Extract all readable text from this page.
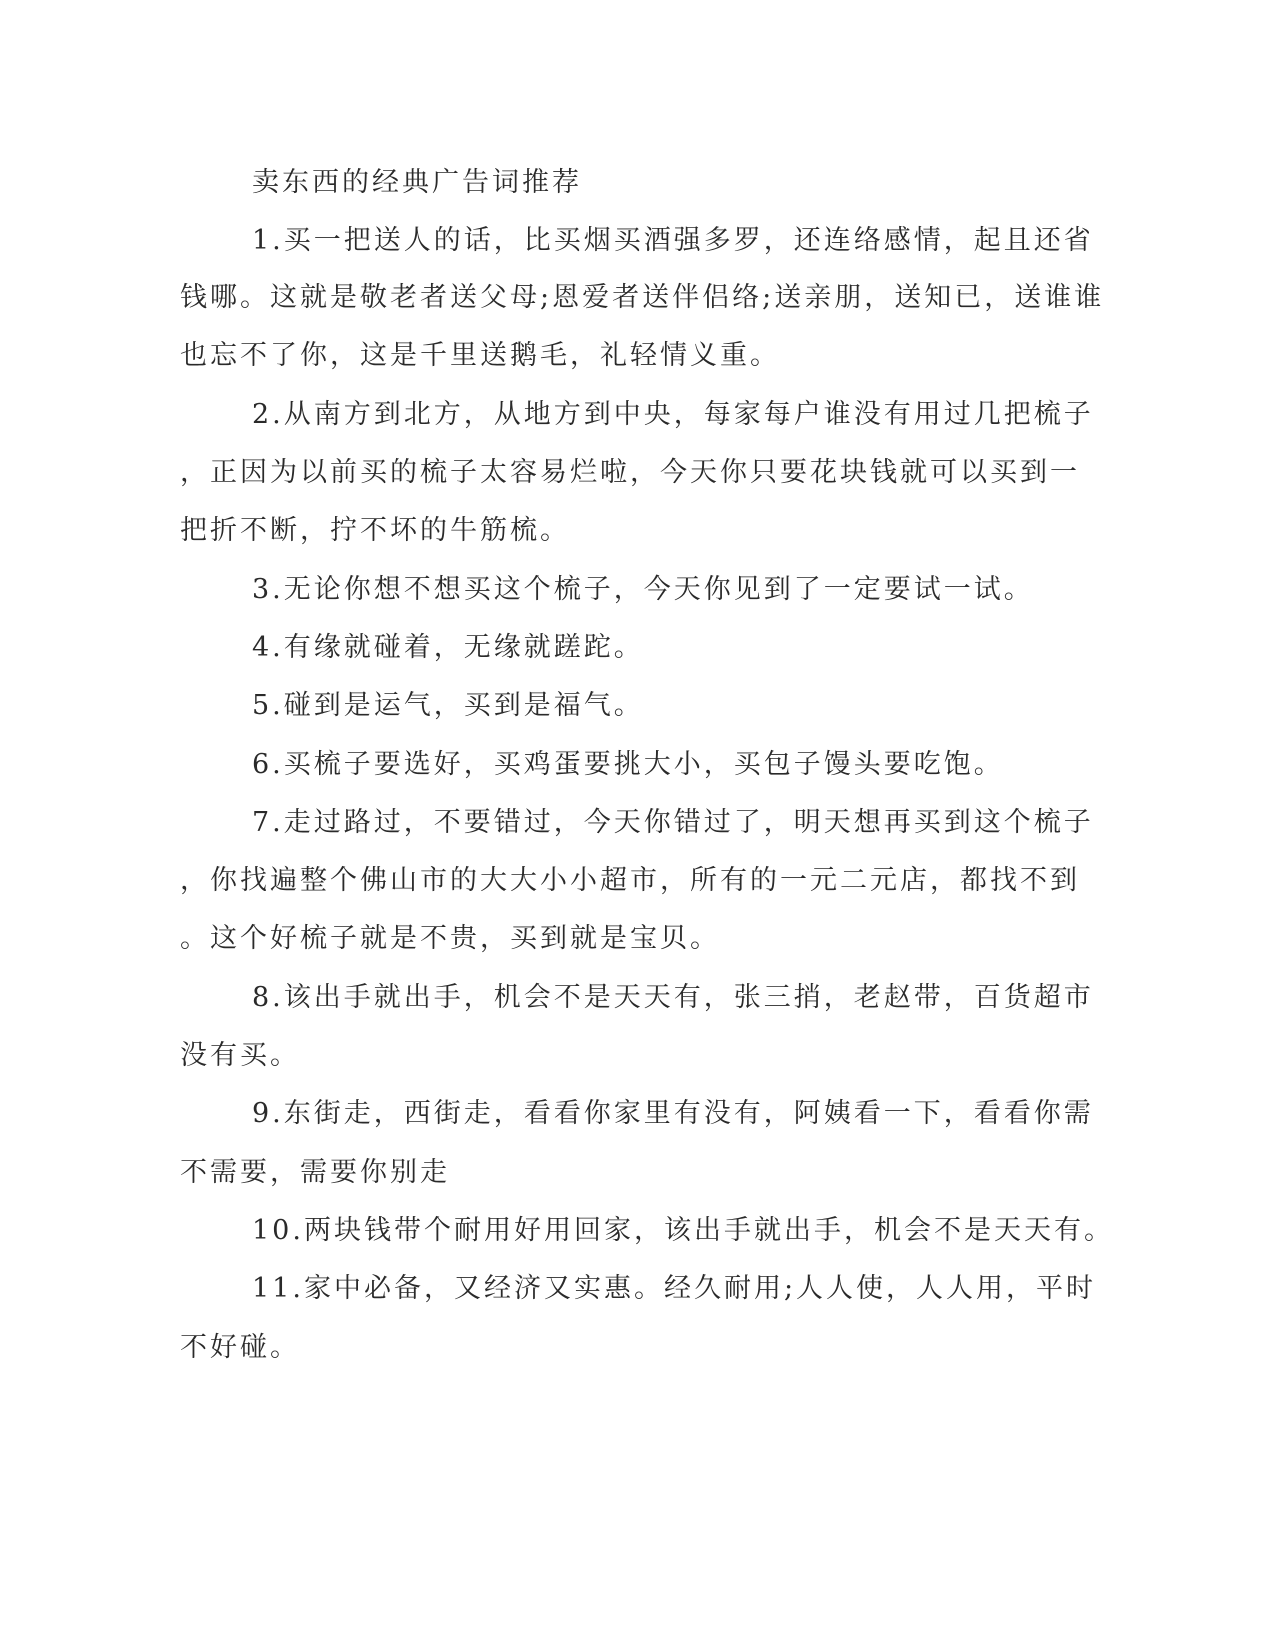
卖东西的经典广告词推荐

1.买一把送人的话，比买烟买酒强多罗，还连络感情，起且还省

钱哪。这就是敬老者送父母;恩爱者送伴侣络;送亲朋，送知已，送谁谁

也忘不了你，这是千里送鹅毛，礼轻情义重。

2.从南方到北方，从地方到中央，每家每户谁没有用过几把梳子

，正因为以前买的梳子太容易烂啦，今天你只要花块钱就可以买到一

把折不断，拧不坏的牛筋梳。

3.无论你想不想买这个梳子，今天你见到了一定要试一试。

4.有缘就碰着，无缘就蹉跎。

5.碰到是运气，买到是福气。

6.买梳子要选好，买鸡蛋要挑大小，买包子馒头要吃饱。

7.走过路过，不要错过，今天你错过了，明天想再买到这个梳子

，你找遍整个佛山市的大大小小超市，所有的一元二元店，都找不到

。这个好梳子就是不贵，买到就是宝贝。

8.该出手就出手，机会不是天天有，张三捎，老赵带，百货超市

没有买。

9.东街走，西街走，看看你家里有没有，阿姨看一下，看看你需

不需要，需要你别走

10.两块钱带个耐用好用回家，该出手就出手，机会不是天天有。

11.家中必备，又经济又实惠。经久耐用;人人使，人人用，平时

不好碰。
